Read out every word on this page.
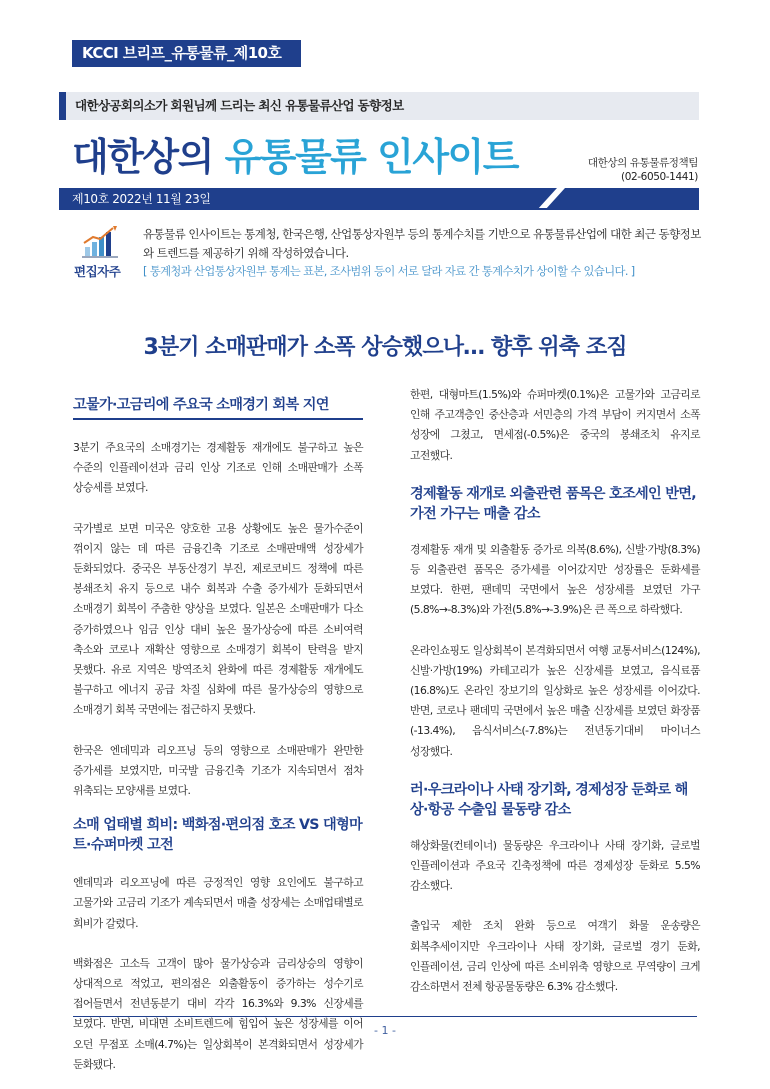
KCCI 브리프_유통물류_제10호
대한상공회의소가 회원님께 드리는 최신 유통물류산업 동향정보
대한상의 유통물류 인사이트	대한상의 유통물류정책팀
(02-6050-1441)
제10호 2022년 11월 23일
편집자주
유통물류 인사이트는 통계청, 한국은행, 산업통상자원부 등의 통계수치를 기반으로 유통물류산업에 대한 최근 동향정보와 트렌드를 제공하기 위해 작성하였습니다.
[ 통계청과 산업통상자원부 통계는 표본, 조사범위 등이 서로 달라 자료 간 통계수치가 상이할 수 있습니다. ]
3분기 소매판매가 소폭 상승했으나… 향후 위축 조짐
고물가·고금리에 주요국 소매경기 회복 지연
3분기 주요국의 소매경기는 경제활동 재개에도 불구하고 높은 수준의 인플레이션과 금리 인상 기조로 인해 소매판매가 소폭 상승세를 보였다.
국가별로 보면 미국은 양호한 고용 상황에도 높은 물가수준이 꺾이지 않는 데 따른 금융긴축 기조로 소매판매액 성장세가 둔화되었다. 중국은 부동산경기 부진, 제로코비드 정책에 따른 봉쇄조치 유지 등으로 내수 회복과 수출 증가세가 둔화되면서 소매경기 회복이 주춤한 양상을 보였다. 일본은 소매판매가 다소 증가하였으나 임금 인상 대비 높은 물가상승에 따른 소비여력 축소와 코로나 재확산 영향으로 소매경기 회복이 탄력을 받지 못했다. 유로 지역은 방역조치 완화에 따른 경제활동 재개에도 불구하고 에너지 공급 차질 심화에 따른 물가상승의 영향으로 소매경기 회복 국면에는 접근하지 못했다.
한국은 엔데믹과 리오프닝 등의 영향으로 소매판매가 완만한 증가세를 보였지만, 미국발 금융긴축 기조가 지속되면서 점차 위축되는 모양새를 보였다.
소매 업태별 희비: 백화점·편의점 호조 VS 대형마트·슈퍼마켓 고전
엔데믹과 리오프닝에 따른 긍정적인 영향 요인에도 불구하고 고물가와 고금리 기조가 계속되면서 매출 성장세는 소매업태별로 희비가 갈렸다.
백화점은 고소득 고객이 많아 물가상승과 금리상승의 영향이 상대적으로 적었고, 편의점은 외출활동이 증가하는 성수기로 접어들면서 전년동분기 대비 각각 16.3%와 9.3% 신장세를 보였다. 반면, 비대면 소비트렌드에 힘입어 높은 성장세를 이어 오던 무점포 소매(4.7%)는 일상회복이 본격화되면서 성장세가 둔화됐다.
한편, 대형마트(1.5%)와 슈퍼마켓(0.1%)은 고물가와 고금리로 인해 주고객층인 중산층과 서민층의 가격 부담이 커지면서 소폭 성장에 그쳤고, 면세점(-0.5%)은 중국의 봉쇄조치 유지로 고전했다.
경제활동 재개로 외출관련 품목은 호조세인 반면, 가전 가구는 매출 감소
경제활동 재개 및 외출활동 증가로 의복(8.6%), 신발·가방(8.3%) 등 외출관련 품목은 증가세를 이어갔지만 성장률은 둔화세를 보였다. 한편, 팬데믹 국면에서 높은 성장세를 보였던 가구(5.8%→-8.3%)와 가전(5.8%→-3.9%)은 큰 폭으로 하락했다.
온라인쇼핑도 일상회복이 본격화되면서 여행 교통서비스(124%), 신발·가방(19%) 카테고리가 높은 신장세를 보였고, 음식료품(16.8%)도 온라인 장보기의 일상화로 높은 성장세를 이어갔다. 반면, 코로나 팬데믹 국면에서 높은 매출 신장세를 보였던 화장품(-13.4%), 음식서비스(-7.8%)는 전년동기대비 마이너스 성장했다.
러·우크라이나 사태 장기화, 경제성장 둔화로 해상·항공 수출입 물동량 감소
해상화물(컨테이너) 물동량은 우크라이나 사태 장기화, 글로벌 인플레이션과 주요국 긴축정책에 따른 경제성장 둔화로 5.5% 감소했다.
출입국 제한 조치 완화 등으로 여객기 화물 운송량은 회복추세이지만 우크라이나 사태 장기화, 글로벌 경기 둔화, 인플레이션, 금리 인상에 따른 소비위축 영향으로 무역량이 크게 감소하면서 전체 항공물동량은 6.3% 감소했다.
- 1 -
